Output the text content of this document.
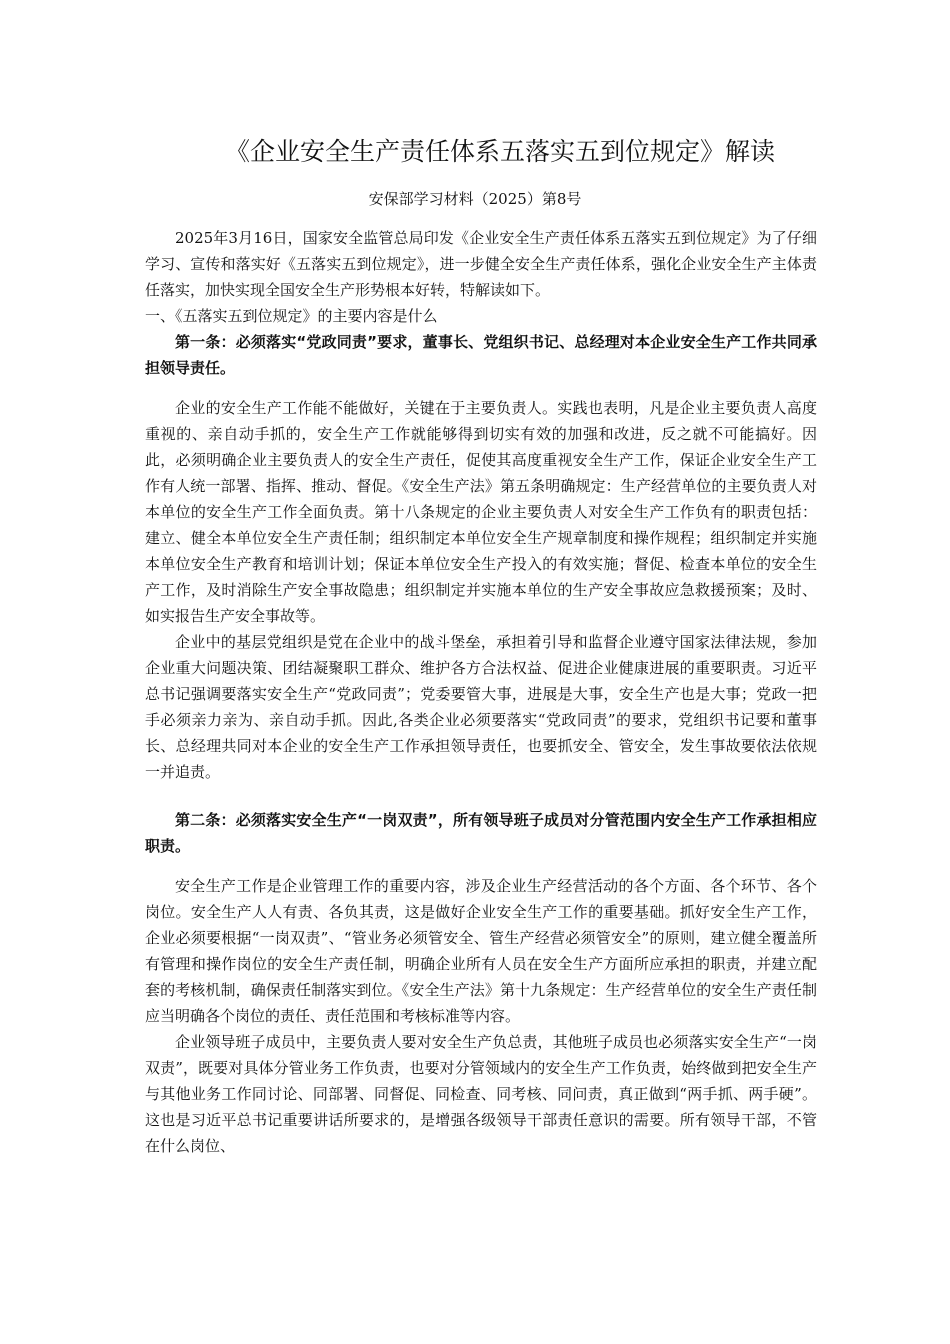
《企业安全生产责任体系五落实五到位规定》解读
安保部学习材料（2025）第8号

2025年3月16日，国家安全监管总局印发《企业安全生产责任体系五落实五到位规定》为了仔细学习、宣传和落实好《五落实五到位规定》，进一步健全安全生产责任体系，强化企业安全生产主体责任落实，加快实现全国安全生产形势根本好转，特解读如下。

一、《五落实五到位规定》的主要内容是什么

第一条：必须落实“党政同责”要求，董事长、党组织书记、总经理对本企业安全生产工作共同承担领导责任。

企业的安全生产工作能不能做好，关键在于主要负责人。实践也表明，凡是企业主要负责人高度重视的、亲自动手抓的，安全生产工作就能够得到切实有效的加强和改进，反之就不可能搞好。因此，必须明确企业主要负责人的安全生产责任，促使其高度重视安全生产工作，保证企业安全生产工作有人统一部署、指挥、推动、督促。《安全生产法》第五条明确规定：生产经营单位的主要负责人对本单位的安全生产工作全面负责。第十八条规定的企业主要负责人对安全生产工作负有的职责包括：建立、健全本单位安全生产责任制；组织制定本单位安全生产规章制度和操作规程；组织制定并实施本单位安全生产教育和培训计划；保证本单位安全生产投入的有效实施；督促、检查本单位的安全生产工作，及时消除生产安全事故隐患；组织制定并实施本单位的生产安全事故应急救援预案；及时、如实报告生产安全事故等。

企业中的基层党组织是党在企业中的战斗堡垒，承担着引导和监督企业遵守国家法律法规，参加企业重大问题决策、团结凝聚职工群众、维护各方合法权益、促进企业健康进展的重要职责。习近平总书记强调要落实安全生产“党政同责”；党委要管大事，进展是大事，安全生产也是大事；党政一把手必须亲力亲为、亲自动手抓。因此,各类企业必须要落实“党政同责”的要求，党组织书记要和董事长、总经理共同对本企业的安全生产工作承担领导责任，也要抓安全、管安全，发生事故要依法依规一并追责。

第二条：必须落实安全生产“一岗双责”，所有领导班子成员对分管范围内安全生产工作承担相应职责。

安全生产工作是企业管理工作的重要内容，涉及企业生产经营活动的各个方面、各个环节、各个岗位。安全生产人人有责、各负其责，这是做好企业安全生产工作的重要基础。抓好安全生产工作，企业必须要根据“一岗双责”、“管业务必须管安全、管生产经营必须管安全”的原则，建立健全覆盖所有管理和操作岗位的安全生产责任制，明确企业所有人员在安全生产方面所应承担的职责，并建立配套的考核机制，确保责任制落实到位。《安全生产法》第十九条规定：生产经营单位的安全生产责任制应当明确各个岗位的责任、责任范围和考核标准等内容。

企业领导班子成员中，主要负责人要对安全生产负总责，其他班子成员也必须落实安全生产“一岗双责”，既要对具体分管业务工作负责，也要对分管领域内的安全生产工作负责，始终做到把安全生产与其他业务工作同讨论、同部署、同督促、同检查、同考核、同问责，真正做到“两手抓、两手硬”。这也是习近平总书记重要讲话所要求的，是增强各级领导干部责任意识的需要。所有领导干部，不管在什么岗位、
